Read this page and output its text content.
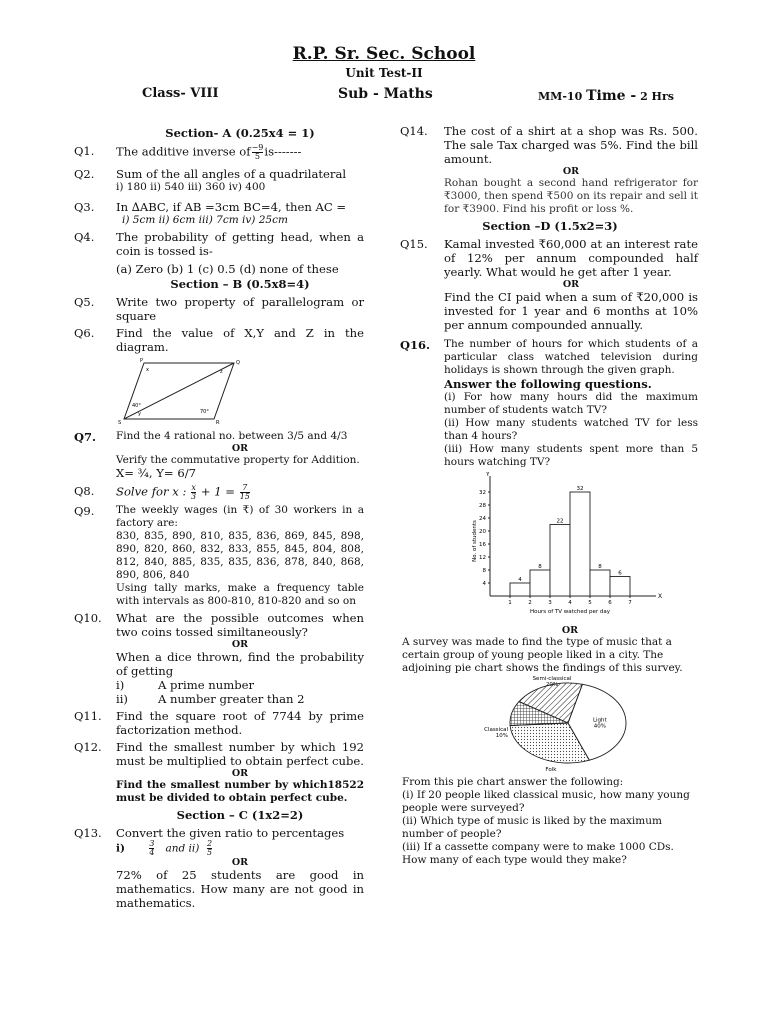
R.P. Sr. Sec. School
Unit Test-II
Class- VIII	Sub - Maths	MM-10 Time - 2 Hrs
Section- A (0.25x4 = 1)
Q1.	The additive inverse of $\frac{-9}{5} is-------$
Q2.	Sum of the all angles of a quadrilateral
i) 180 ii) 540 iii) 360 iv) 400
Q3.	In ∆ABC, if AB =3cm BC=4, then AC =
i) 5cm ii) 6cm iii) 7cm iv) 25cm
Q4.	The probability of getting head, when a coin is tossed is-
(a) Zero (b) 1 (c) 0.5 (d) none of these
Section – B (0.5x8=4)
Q5.	Write two property of parallelogram or square
Q6.	Find the value of X,Y and Z in the diagram.
P
S	R
Q
x
40°
y
z
70°
Q7.	Find the 4 rational no. between 3/5 and 4/3
OR
Verify the commutative property for Addition.
X= ¾, Y= 6/7
Q8.	Solve for x : $\frac{x}{3} + 1 = \frac{7}{15}$
Q9.	The weekly wages (in ₹) of 30 workers in a factory are:
830, 835, 890, 810, 835, 836, 869, 845, 898, 890, 820, 860, 832, 833, 855, 845, 804, 808, 812, 840, 885, 835, 835, 836, 878, 840, 868, 890, 806, 840
Using tally marks, make a frequency table with intervals as 800-810, 810-820 and so on
Q10.	What are the possible outcomes when two coins tossed similtaneously?
OR
When a dice thrown, find the probability of getting
i)	A prime number
ii)	A number greater than 2
Q11.	Find the square root of 7744 by prime factorization method.
Q12.	Find the smallest number by which 192 must be multiplied to obtain perfect cube.
OR
Find the smallest number by which18522 must be divided to obtain perfect cube.
Section – C (1x2=2)
Q13.	Convert the given ratio to percentages
i)	$\frac{3}{4}$ and $ii) \frac{2}{5}$
OR
72% of 25 students are good in mathematics. How many are not good in mathematics.
Q14.	The cost of a shirt at a shop was Rs. 500. The sale Tax charged was 5%. Find the bill amount.
OR
Rohan bought a second hand refrigerator for ₹3000, then spend ₹500 on its repair and sell it for ₹3900. Find his profit or loss %.
Section –D (1.5x2=3)
Q15.	Kamal invested ₹60,000 at an interest rate of 12% per annum compounded half yearly. What would he get after 1 year.
OR
Find the CI paid when a sum of ₹20,000 is invested for 1 year and 6 months at 10% per annum compounded annually.
Q16.	The number of hours for which students of a particular class watched television during holidays is shown through the given graph.
Answer the following questions.
(i) For how many hours did the maximum number of students watch TV?
(ii) How many students watched TV for less than 4 hours?
(iii) How many students spent more than 5 hours watching TV?
Y
X
4
8
12
16
20
24
28
32
1	2	3	4	5	6	7
4
8
22
32
8
6
Hours of TV watched per day
No. of students
OR
A survey was made to find the type of music that a certain group of young people liked in a city. The adjoining pie chart shows the findings of this survey.
Light
40%
Folk
Classical
10%
Semi-classical
20%
From this pie chart answer the following:
(i) If 20 people liked classical music, how many young people were surveyed?
(ii) Which type of music is liked by the maximum number of people?
(iii) If a cassette company were to make 1000 CDs. How many of each type would they make?
